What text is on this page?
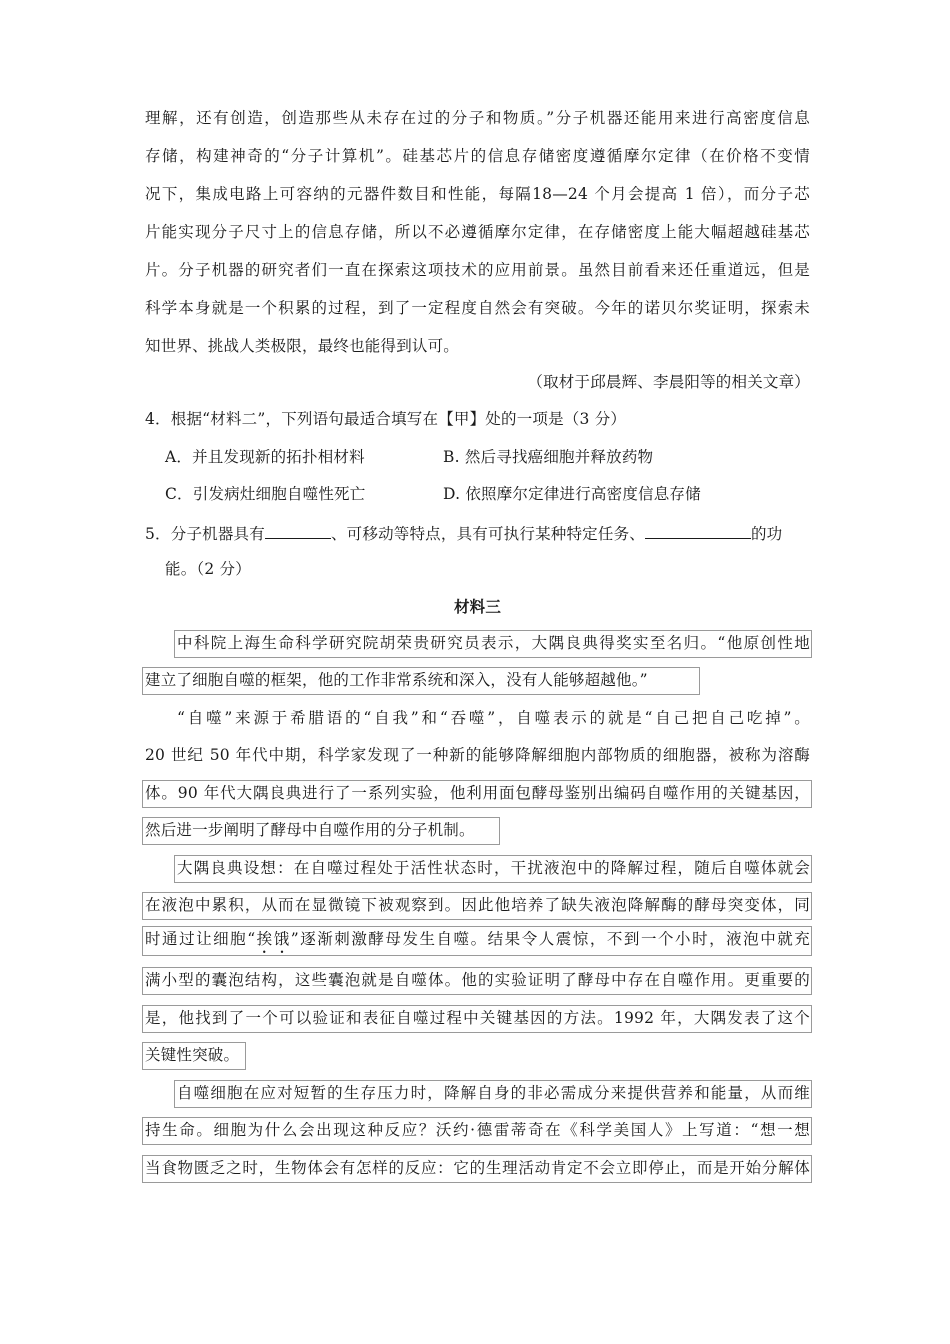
理解，还有创造，创造那些从未存在过的分子和物质。”分子机器还能用来进行高密度信息
存储，构建神奇的“分子计算机”。硅基芯片的信息存储密度遵循摩尔定律（在价格不变情
况下，集成电路上可容纳的元器件数目和性能，每隔18—24 个月会提高 1 倍），而分子芯
片能实现分子尺寸上的信息存储，所以不必遵循摩尔定律，在存储密度上能大幅超越硅基芯
片。分子机器的研究者们一直在探索这项技术的应用前景。虽然目前看来还任重道远，但是
科学本身就是一个积累的过程，到了一定程度自然会有突破。今年的诺贝尔奖证明，探索未
知世界、挑战人类极限，最终也能得到认可。
（取材于邱晨辉、李晨阳等的相关文章）
4．根据“材料二”，下列语句最适合填写在【甲】处的一项是（3 分）
A．并且发现新的拓扑相材料	B. 然后寻找癌细胞并释放药物
C．引发病灶细胞自噬性死亡	D. 依照摩尔定律进行高密度信息存储
5．分子机器具有	、可移动等特点，具有可执行某种特定任务、	的功
能。（2 分）
材料三
中科院上海生命科学研究院胡荣贵研究员表示，大隅良典得奖实至名归。“他原创性地
建立了细胞自噬的框架，他的工作非常系统和深入，没有人能够超越他。”
“自噬”来源于希腊语的“自我”和“吞噬”，自噬表示的就是“自己把自己吃掉”。
20 世纪 50 年代中期，科学家发现了一种新的能够降解细胞内部物质的细胞器，被称为溶酶
体。90 年代大隅良典进行了一系列实验，他利用面包酵母鉴别出编码自噬作用的关键基因，
然后进一步阐明了酵母中自噬作用的分子机制。
大隅良典设想：在自噬过程处于活性状态时，干扰液泡中的降解过程，随后自噬体就会
在液泡中累积，从而在显微镜下被观察到。因此他培养了缺失液泡降解酶的酵母突变体，同
时通过让细胞“挨饿”逐渐刺激酵母发生自噬。结果令人震惊，不到一个小时，液泡中就充
满小型的囊泡结构，这些囊泡就是自噬体。他的实验证明了酵母中存在自噬作用。更重要的
是，他找到了一个可以验证和表征自噬过程中关键基因的方法。1992 年，大隅发表了这个
关键性突破。
自噬细胞在应对短暂的生存压力时，降解自身的非必需成分来提供营养和能量，从而维
持生命。细胞为什么会出现这种反应？沃约·德雷蒂奇在《科学美国人》上写道：“想一想
当食物匮乏之时，生物体会有怎样的反应：它的生理活动肯定不会立即停止，而是开始分解体
